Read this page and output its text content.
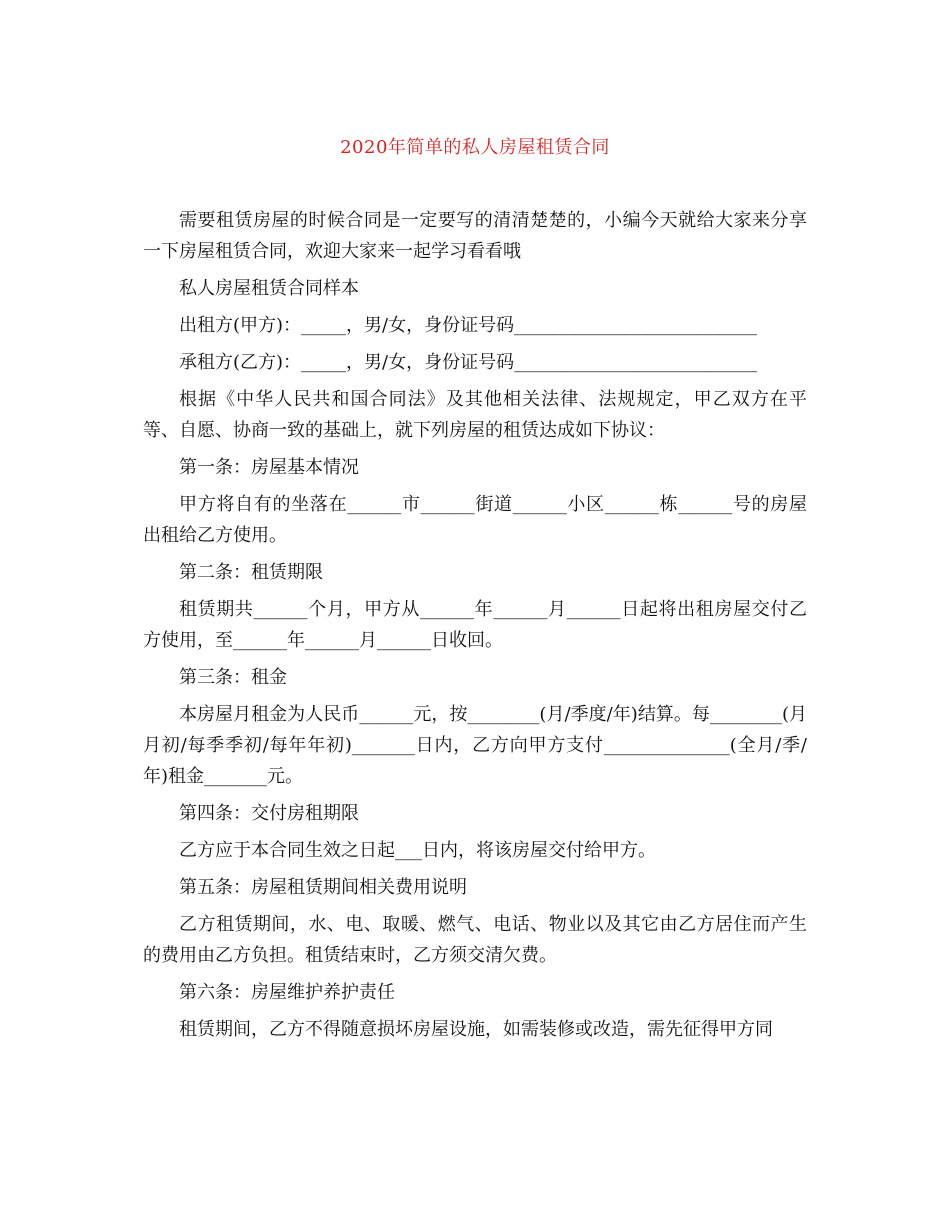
2020年简单的私人房屋租赁合同

需要租赁房屋的时候合同是一定要写的清清楚楚的，小编今天就给大家来分享一下房屋租赁合同，欢迎大家来一起学习看看哦

私人房屋租赁合同样本

出租方(甲方)：_____，男/女，身份证号码___________________________

承租方(乙方)：_____，男/女，身份证号码___________________________

根据《中华人民共和国合同法》及其他相关法律、法规规定，甲乙双方在平等、自愿、协商一致的基础上，就下列房屋的租赁达成如下协议：

第一条：房屋基本情况

甲方将自有的坐落在______市______街道______小区______栋______号的房屋出租给乙方使用。

第二条：租赁期限

租赁期共______个月，甲方从______年______月______日起将出租房屋交付乙方使用，至______年______月______日收回。

第三条：租金

本房屋月租金为人民币______元，按________(月/季度/年)结算。每________(月月初/每季季初/每年年初)_______日内，乙方向甲方支付______________(全月/季/年)租金_______元。

第四条：交付房租期限

乙方应于本合同生效之日起___日内，将该房屋交付给甲方。

第五条：房屋租赁期间相关费用说明

乙方租赁期间，水、电、取暖、燃气、电话、物业以及其它由乙方居住而产生的费用由乙方负担。租赁结束时，乙方须交清欠费。

第六条：房屋维护养护责任

租赁期间，乙方不得随意损坏房屋设施，如需装修或改造，需先征得甲方同
